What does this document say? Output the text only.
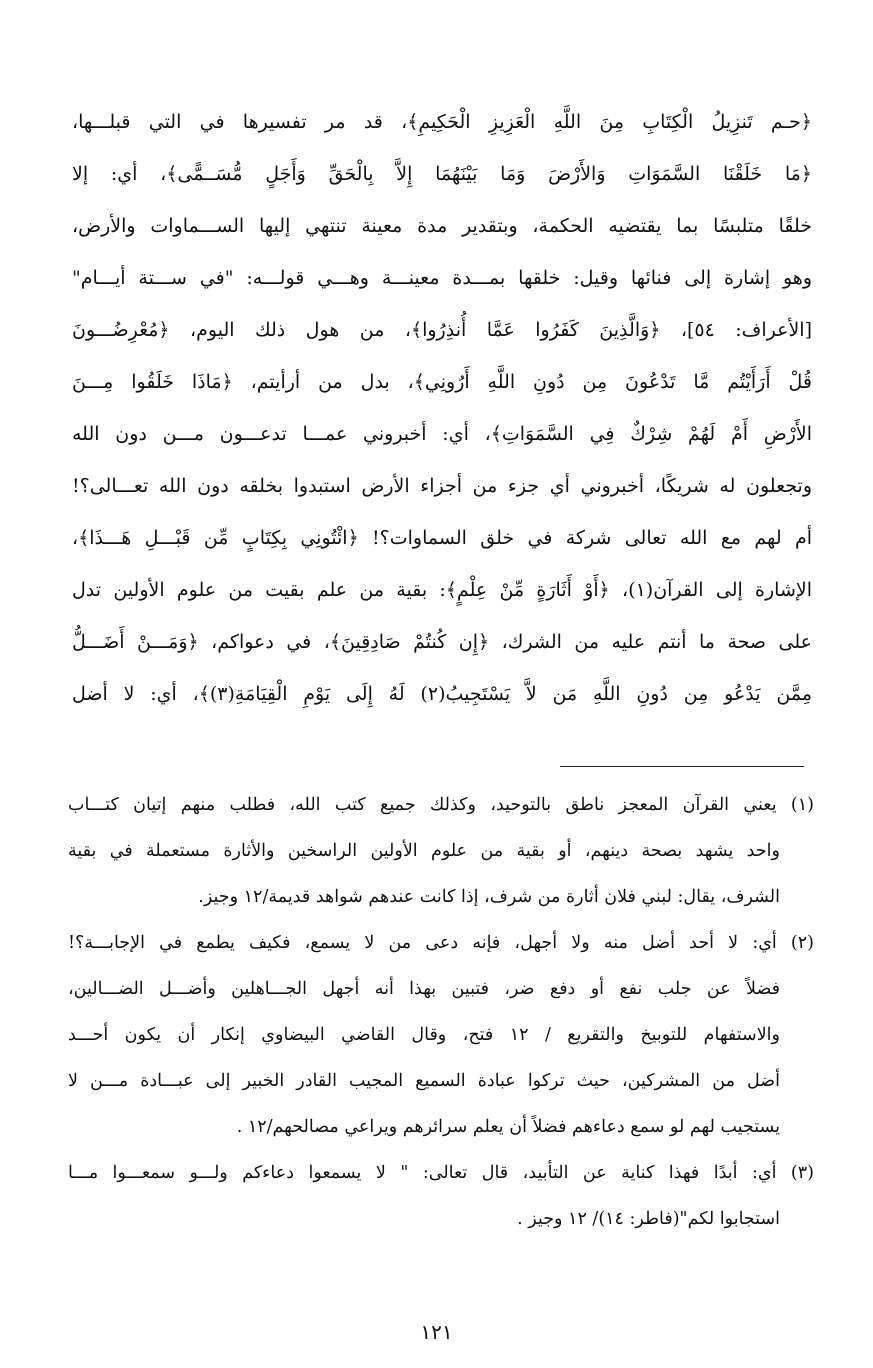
﴿حـم تَنزِيلُ الْكِتَابِ مِنَ اللَّهِ الْعَزِيزِ الْحَكِيمِ﴾، قد مر تفسيرها في التي قبلـــها،
﴿مَا خَلَقْنَا السَّمَوَاتِ وَالأَرْضَ وَمَا بَيْنَهُمَا إِلاَّ بِالْحَقِّ وَأَجَلٍ مُّسَــمًّى﴾، أي: إلا
خلقًا متلبسًا بما يقتضيه الحكمة، وبتقدير مدة معينة تنتهي إليها الســـماوات والأرض،
وهو إشارة إلى فنائها وقيل: خلقها بمـــدة معينـــة وهـــي قولـــه: "في ســـتة أيـــام"
[الأعراف: ٥٤]، ﴿وَالَّذِينَ كَفَرُوا عَمَّا أُنذِرُوا﴾، من هول ذلك اليوم، ﴿مُعْرِضُـــونَ
قُلْ أَرَأَيْتُم مَّا تَدْعُونَ مِن دُونِ اللَّهِ أَرُونِي﴾، بدل من أرأيتم، ﴿مَاذَا خَلَقُوا مِـــنَ
الأَرْضِ أَمْ لَهُمْ شِرْكٌ فِي السَّمَوَاتِ﴾، أي: أخبروني عمـــا تدعـــون مـــن دون الله
وتجعلون له شريكًا، أخبروني أي جزء من أجزاء الأرض استبدوا بخلقه دون الله تعـــالى؟!
أم لهم مع الله تعالى شركة في خلق السماوات؟! ﴿ائْتُونِي بِكِتَابٍ مِّن قَبْـــلِ هَـــذَا﴾،
الإشارة إلى القرآن(١)، ﴿أَوْ أَثَارَةٍ مِّنْ عِلْمٍ﴾: بقية من علم بقيت من علوم الأولين تدل
على صحة ما أنتم عليه من الشرك، ﴿إِن كُنتُمْ صَادِقِينَ﴾، في دعواكم، ﴿وَمَـــنْ أَضَـــلُّ
مِمَّن يَدْعُو مِن دُونِ اللَّهِ مَن لاَّ يَسْتَجِيبُ(٢) لَهُ إِلَى يَوْمِ الْقِيَامَةِ(٣)﴾، أي: لا أضل
(١) يعني القرآن المعجز ناطق بالتوحيد، وكذلك جميع كتب الله، فطلب منهم إتيان كتـــاب
واحد يشهد بصحة دينهم، أو بقية من علوم الأولين الراسخين والأثارة مستعملة في بقية
الشرف، يقال: لبني فلان أثارة من شرف، إذا كانت عندهم شواهد قديمة/١٢ وجيز.
(٢) أي: لا أحد أضل منه ولا أجهل، فإنه دعى من لا يسمع، فكيف يطمع في الإجابـــة؟!
فضلاً عن جلب نفع أو دفع ضر، فتبين بهذا أنه أجهل الجـــاهلين وأضـــل الضـــالين،
والاستفهام للتوبيخ والتقريع / ١٢ فتح، وقال القاضي البيضاوي إنكار أن يكون أحـــد
أضل من المشركين، حيث تركوا عبادة السميع المجيب القادر الخبير إلى عبـــادة مـــن لا
يستجيب لهم لو سمع دعاءهم فضلاً أن يعلم سرائرهم ويراعي مصالحهم/١٢ .
(٣) أي: أبدًا فهذا كناية عن التأبيد، قال تعالى: " لا يسمعوا دعاءكم ولـــو سمعـــوا مـــا
استجابوا لكم"(فاطر: ١٤)/ ١٢ وجيز .
١٢١
